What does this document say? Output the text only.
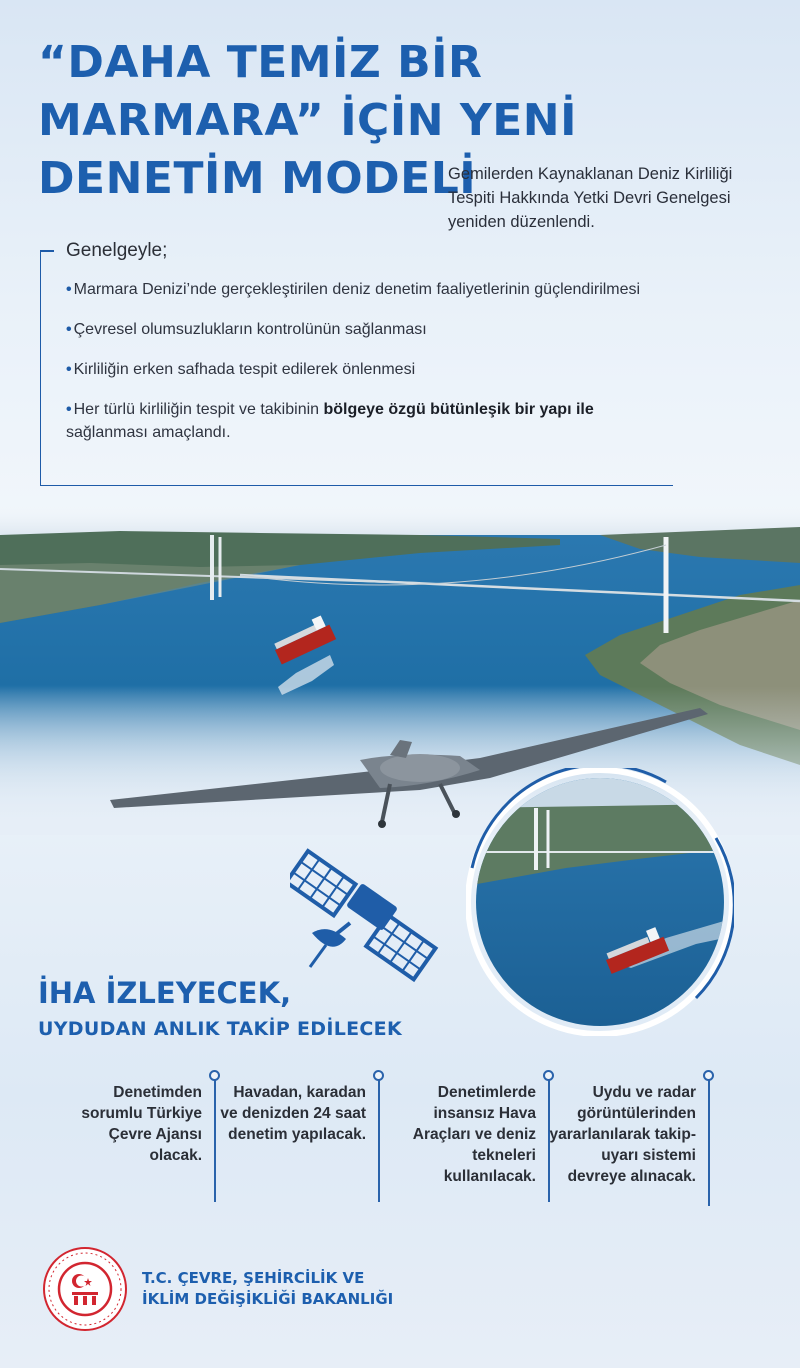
“DAHA TEMİZ BİR
MARMARA” İÇİN YENİ
DENETİM MODELİ
Gemilerden Kaynaklanan Deniz Kirliliği Tespiti Hakkında Yetki Devri Genelgesi yeniden düzenlendi.
Genelgeyle;
• Marmara Denizi’nde gerçekleştirilen deniz denetim faaliyetlerinin güçlendirilmesi
• Çevresel olumsuzlukların kontrolünün sağlanması
• Kirliliğin erken safhada tespit edilerek önlenmesi
• Her türlü kirliliğin tespit ve takibinin bölgeye özgü bütünleşik bir yapı ile sağlanması amaçlandı.
İHA İZLEYECEK,
UYDUDAN ANLIK TAKİP EDİLECEK
Denetimden sorumlu Türkiye Çevre Ajansı olacak.
Havadan, karadan ve denizden 24 saat denetim yapılacak.
Denetimlerde insansız Hava Araçları ve deniz tekneleri kullanılacak.
Uydu ve radar görüntülerinden yararlanılarak takip-uyarı sistemi devreye alınacak.
T.C. ÇEVRE, ŞEHİRCİLİK VE
İKLİM DEĞİŞİKLİĞİ BAKANLIĞI
